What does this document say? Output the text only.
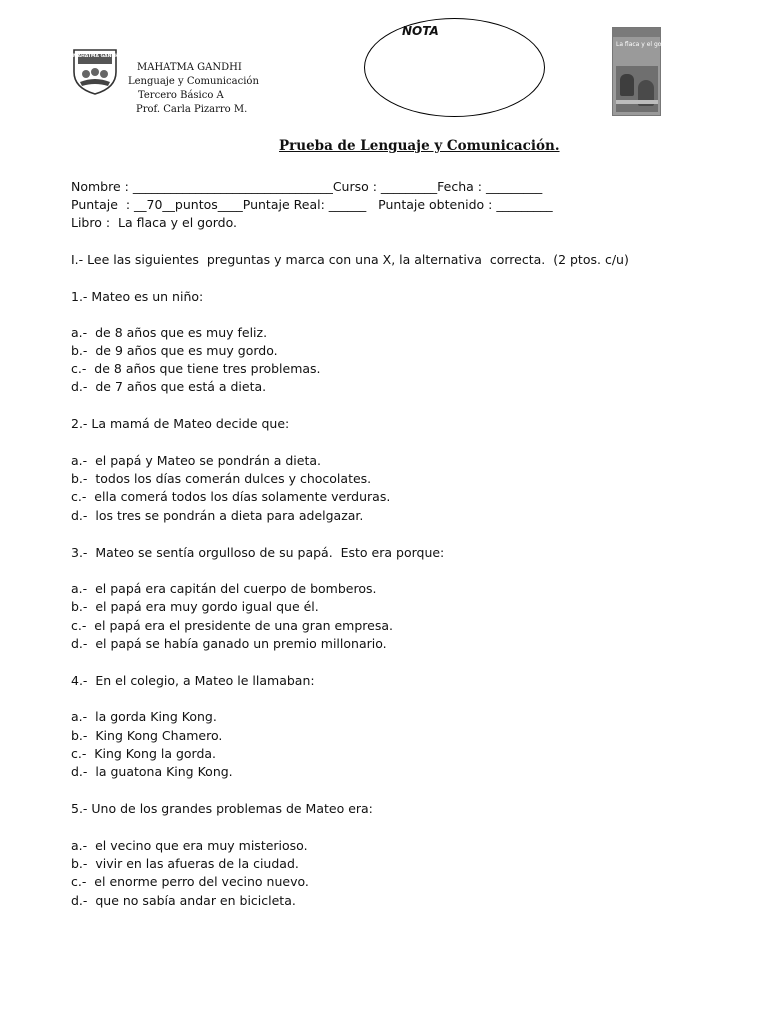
MAHATMA GANDHI
MAHATMA GANDHI
Lenguaje y Comunicación
Tercero Básico A
Prof. Carla Pizarro M.
NOTA
La flaca y el gordo
Prueba de Lenguaje y Comunicación.
Nombre : ________________________________Curso : _________Fecha : _________
Puntaje  : __70__puntos____Puntaje Real: ______   Puntaje obtenido : _________
Libro :  La flaca y el gordo.
I.- Lee las siguientes  preguntas y marca con una X, la alternativa  correcta.  (2 ptos. c/u)
1.- Mateo es un niño:
a.-  de 8 años que es muy feliz.
b.-  de 9 años que es muy gordo.
c.-  de 8 años que tiene tres problemas.
d.-  de 7 años que está a dieta.
2.- La mamá de Mateo decide que:
a.-  el papá y Mateo se pondrán a dieta.
b.-  todos los días comerán dulces y chocolates.
c.-  ella comerá todos los días solamente verduras.
d.-  los tres se pondrán a dieta para adelgazar.
3.-  Mateo se sentía orgulloso de su papá.  Esto era porque:
a.-  el papá era capitán del cuerpo de bomberos.
b.-  el papá era muy gordo igual que él.
c.-  el papá era el presidente de una gran empresa.
d.-  el papá se había ganado un premio millonario.
4.-  En el colegio, a Mateo le llamaban:
a.-  la gorda King Kong.
b.-  King Kong Chamero.
c.-  King Kong la gorda.
d.-  la guatona King Kong.
5.- Uno de los grandes problemas de Mateo era:
a.-  el vecino que era muy misterioso.
b.-  vivir en las afueras de la ciudad.
c.-  el enorme perro del vecino nuevo.
d.-  que no sabía andar en bicicleta.
